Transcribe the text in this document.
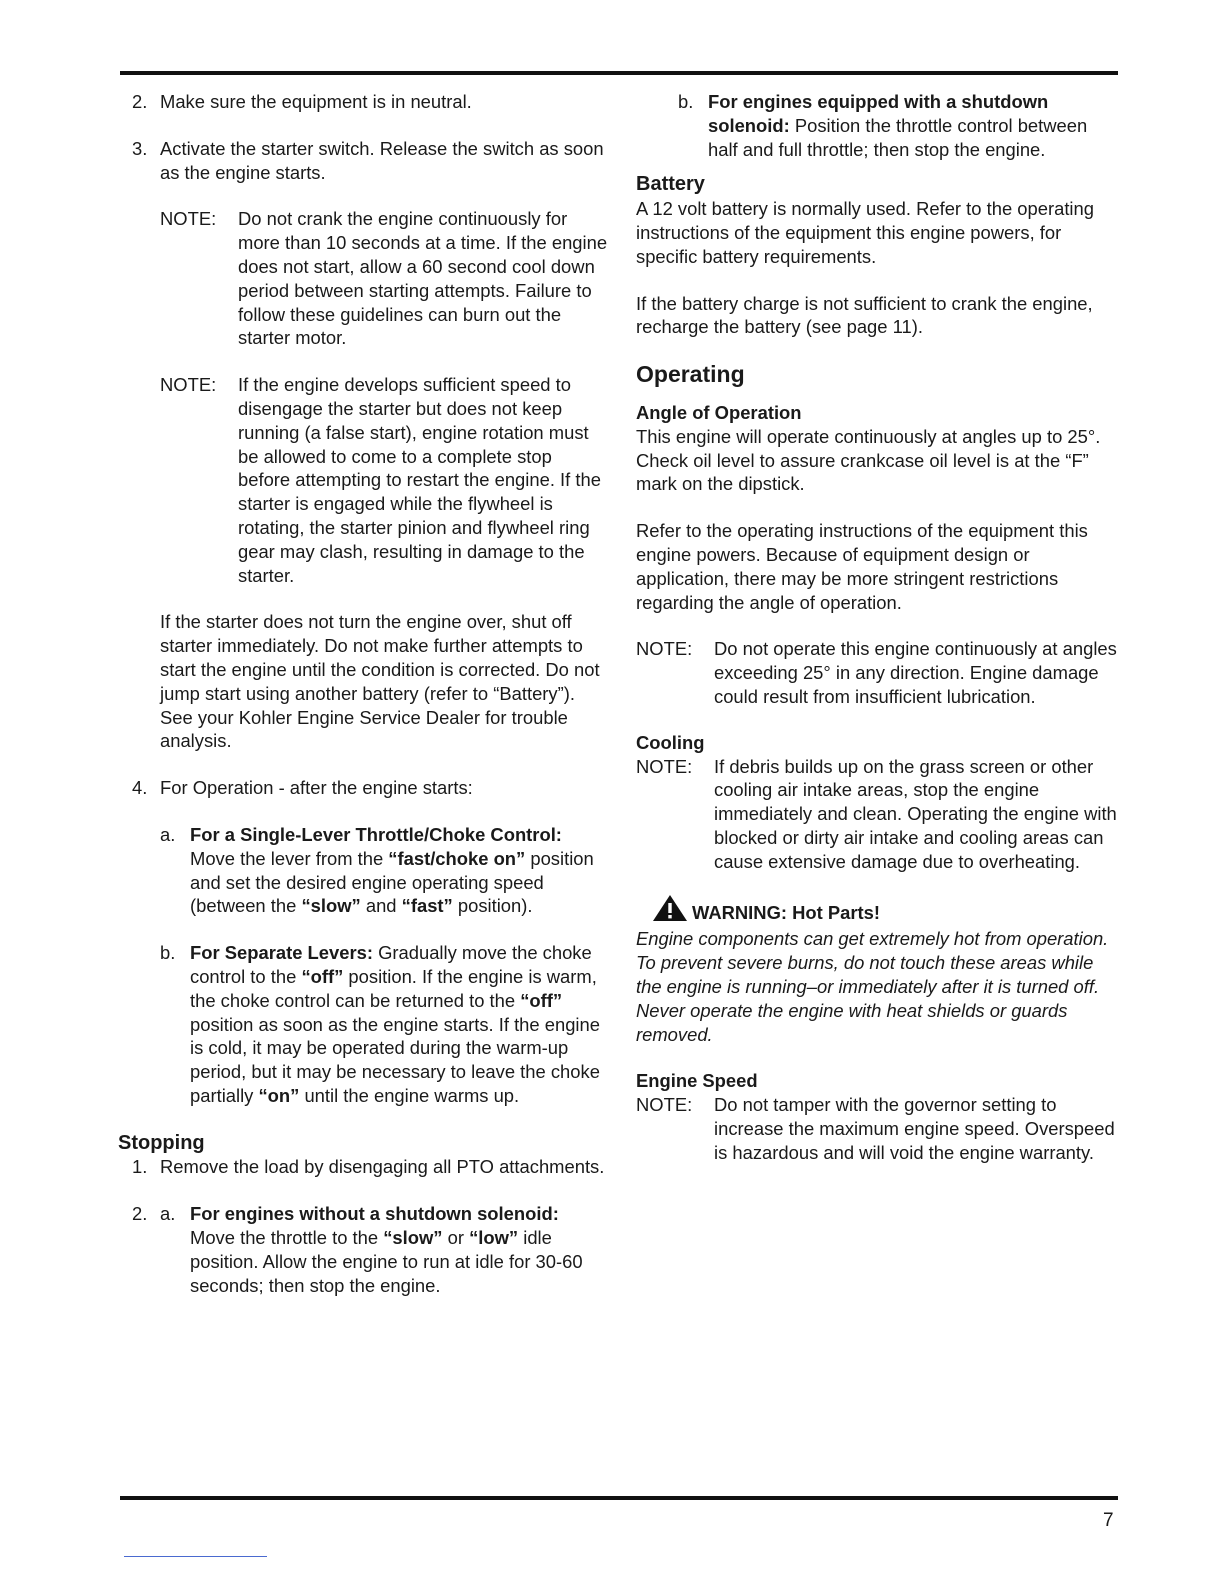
2. Make sure the equipment is in neutral.
3. Activate the starter switch. Release the switch as soon as the engine starts.
NOTE:	Do not crank the engine continuously for more than 10 seconds at a time. If the engine does not start, allow a 60 second cool down period between starting attempts. Failure to follow these guidelines can burn out the starter motor.
NOTE:	If the engine develops sufficient speed to disengage the starter but does not keep running (a false start), engine rotation must be allowed to come to a complete stop before attempting to restart the engine. If the starter is engaged while the flywheel is rotating, the starter pinion and flywheel ring gear may clash, resulting in damage to the starter.

If the starter does not turn the engine over, shut off starter immediately. Do not make further attempts to start the engine until the condition is corrected. Do not jump start using another battery (refer to “Battery”). See your Kohler Engine Service Dealer for trouble analysis.

4. For Operation - after the engine starts:
a. For a Single-Lever Throttle/Choke Control:
Move the lever from the “fast/choke on” position and set the desired engine operating speed (between the “slow” and “fast” position).
b. For Separate Levers: Gradually move the choke control to the “off” position. If the engine is warm, the choke control can be returned to the “off” position as soon as the engine starts. If the engine is cold, it may be operated during the warm-up period, but it may be necessary to leave the choke partially “on” until the engine warms up.
Stopping
1. Remove the load by disengaging all PTO attachments.
2. a. For engines without a shutdown solenoid:
Move the throttle to the “slow” or “low” idle position. Allow the engine to run at idle for 30-60 seconds; then stop the engine.
b. For engines equipped with a shutdown solenoid: Position the throttle control between half and full throttle; then stop the engine.
Battery

A 12 volt battery is normally used. Refer to the operating instructions of the equipment this engine powers, for specific battery requirements.

If the battery charge is not sufficient to crank the engine, recharge the battery (see page 11).

Operating
Angle of Operation

This engine will operate continuously at angles up to 25°. Check oil level to assure crankcase oil level is at the “F” mark on the dipstick.

Refer to the operating instructions of the equipment this engine powers. Because of equipment design or application, there may be more stringent restrictions regarding the angle of operation.

NOTE:	Do not operate this engine continuously at angles exceeding 25° in any direction. Engine damage could result from insufficient lubrication.
Cooling
NOTE:	If debris builds up on the grass screen or other cooling air intake areas, stop the engine immediately and clean. Operating the engine with blocked or dirty air intake and cooling areas can cause extensive damage due to overheating.
WARNING: Hot Parts!

Engine components can get extremely hot from operation. To prevent severe burns, do not touch these areas while the engine is running–or immediately after it is turned off. Never operate the engine with heat shields or guards removed.

Engine Speed
NOTE:	Do not tamper with the governor setting to increase the maximum engine speed. Overspeed is hazardous and will void the engine warranty.
7
